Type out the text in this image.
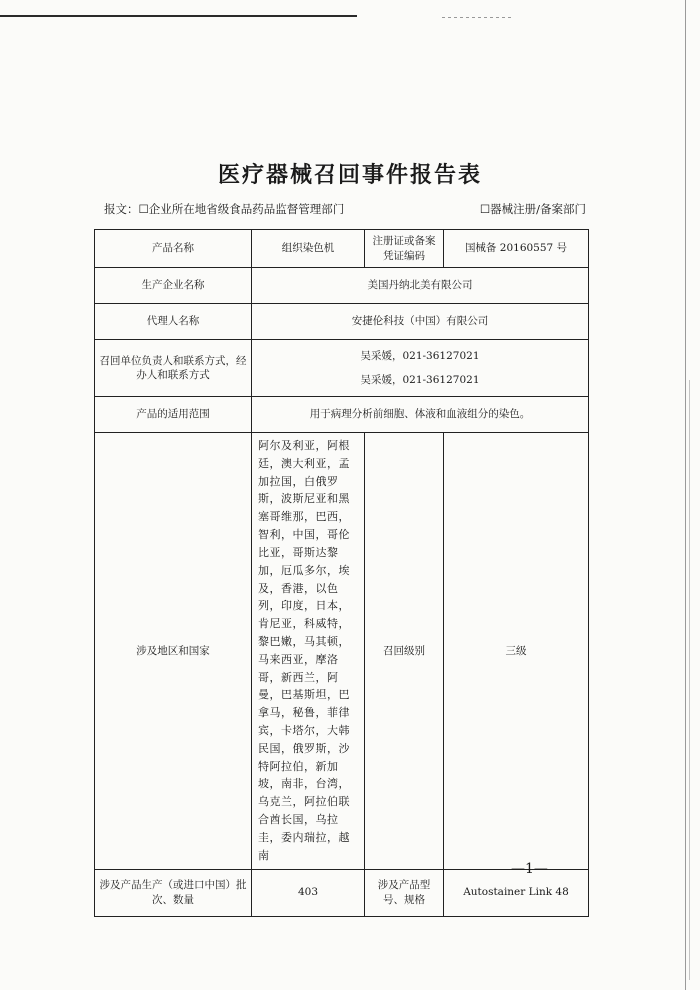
医疗器械召回事件报告表
报文：☐企业所在地省级食品药品监督管理部门	☐器械注册/备案部门
产品名称	组织染色机	注册证或备案凭证编码	国械备 20160557 号
生产企业名称	美国丹纳北美有限公司		
代理人名称	安捷伦科技（中国）有限公司		
召回单位负责人和联系方式，经办人和联系方式	吴采媛，021-36127021
吴采媛，021-36127021		

产品的适用范围	用于病理分析前细胞、体液和血液组分的染色。		
涉及地区和国家	阿尔及利亚，阿根廷，澳大利亚，孟加拉国，白俄罗斯，波斯尼亚和黑塞哥维那，巴西，智利，中国，哥伦比亚，哥斯达黎加，厄瓜多尔，埃及，香港，以色列，印度，日本，肯尼亚，科威特，黎巴嫩，马其顿，马来西亚，摩洛哥，新西兰，阿曼，巴基斯坦，巴拿马，秘鲁，菲律宾，卡塔尔，大韩民国，俄罗斯，沙特阿拉伯，新加坡，南非，台湾，乌克兰，阿拉伯联合酋长国，乌拉圭，委内瑞拉，越南	召回级别	三级
涉及产品生产（或进口中国）批次、数量	403	涉及产品型号、规格	Autostainer Link 48
—1—
